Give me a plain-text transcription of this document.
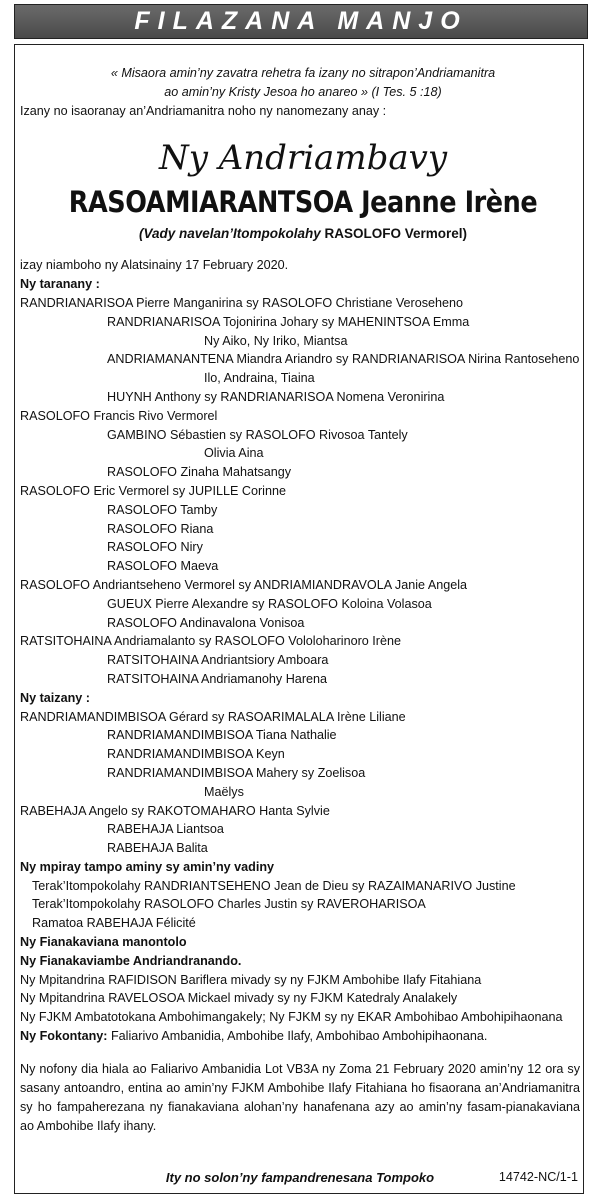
FILAZANA MANJO
« Misaora amin’ny zavatra rehetra fa izany no sitrapon’Andriamanitra
ao amin’ny Kristy Jesoa ho anareo » (I Tes. 5 :18)
Izany no isaoranay an’Andriamanitra noho ny nanomezany anay :
Ny Andriambavy
RASOAMIARANTSOA Jeanne Irène
(Vady navelan’Itompokolahy RASOLOFO Vermorel)
izay niamboho ny Alatsinainy 17 February 2020.
Ny taranany :
RANDRIANARISOA Pierre Manganirina sy RASOLOFO Christiane Veroseheno
RANDRIANARISOA Tojonirina Johary sy MAHENINTSOA Emma
Ny Aiko, Ny Iriko, Miantsa
ANDRIAMANANTENA Miandra Ariandro sy RANDRIANARISOA Nirina Rantoseheno
Ilo, Andraina, Tiaina
HUYNH Anthony sy RANDRIANARISOA Nomena Veronirina
RASOLOFO Francis Rivo Vermorel
GAMBINO Sébastien sy RASOLOFO Rivosoa Tantely
Olivia Aina
RASOLOFO Zinaha Mahatsangy
RASOLOFO Eric Vermorel sy JUPILLE Corinne
RASOLOFO Tamby
RASOLOFO Riana
RASOLOFO Niry
RASOLOFO Maeva
RASOLOFO Andriantseheno Vermorel sy ANDRIAMIANDRAVOLA Janie Angela
GUEUX Pierre Alexandre sy RASOLOFO Koloina Volasoa
RASOLOFO Andinavalona Vonisoa
RATSITOHAINA Andriamalanto sy RASOLOFO Vololoharinoro Irène
RATSITOHAINA Andriantsiory Amboara
RATSITOHAINA Andriamanohy Harena
Ny taizany :
RANDRIAMANDIMBISOA Gérard sy RASOARIMALALA Irène Liliane
RANDRIAMANDIMBISOA Tiana Nathalie
RANDRIAMANDIMBISOA Keyn
RANDRIAMANDIMBISOA Mahery sy Zoelisoa
Maëlys
RABEHAJA Angelo sy RAKOTOMAHARO Hanta Sylvie
RABEHAJA Liantsoa
RABEHAJA Balita
Ny mpiray tampo aminy sy amin’ny vadiny
Terak’Itompokolahy RANDRIANTSEHENO Jean de Dieu sy RAZAIMANARIVO Justine
Terak’Itompokolahy RASOLOFO Charles Justin sy RAVEROHARISOA
Ramatoa RABEHAJA Félicité
Ny Fianakaviana manontolo
Ny Fianakaviambe Andriandranando.
Ny Mpitandrina RAFIDISON Bariflera mivady sy ny FJKM Ambohibe Ilafy Fitahiana
Ny Mpitandrina RAVELOSOA Mickael mivady sy ny FJKM Katedraly Analakely
Ny FJKM Ambatotokana Ambohimangakely; Ny FJKM sy ny EKAR Ambohibao Ambohipihaonana
Ny Fokontany: Faliarivo Ambanidia, Ambohibe Ilafy, Ambohibao Ambohipihaonana.
Ny nofony dia hiala ao Faliarivo Ambanidia Lot VB3A ny Zoma 21 February 2020 amin’ny 12 ora sy sasany antoandro, entina ao amin’ny FJKM Ambohibe Ilafy Fitahiana ho fisaorana an’Andriamanitra sy ho fampaherezana ny fianakaviana alohan’ny hanafenana azy ao amin’ny fasam-pianakaviana ao Ambohibe Ilafy ihany.
Ity no solon’ny fampandrenesana Tompoko	14742-NC/1-1
